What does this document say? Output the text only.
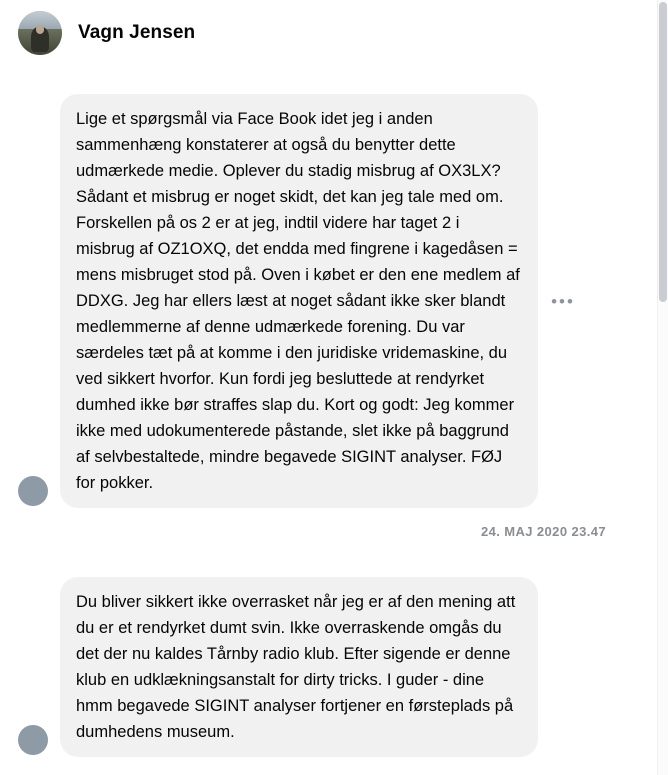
Vagn Jensen
Lige et spørgsmål via Face Book idet jeg i anden sammenhæng konstaterer at også du benytter dette udmærkede medie. Oplever du stadig misbrug af OX3LX? Sådant et misbrug er noget skidt, det kan jeg tale med om. Forskellen på os 2 er at jeg, indtil videre har taget 2 i misbrug af OZ1OXQ, det endda med fingrene i kagedåsen = mens misbruget stod på. Oven i købet er den ene medlem af DDXG. Jeg har ellers læst at noget sådant ikke sker blandt medlemmerne af denne udmærkede forening. Du var særdeles tæt på at komme i den juridiske vridemaskine, du ved sikkert hvorfor. Kun fordi jeg besluttede at rendyrket dumhed ikke bør straffes slap du. Kort og godt: Jeg kommer ikke med udokumenterede påstande, slet ikke på baggrund af selvbestaltede, mindre begavede SIGINT analyser. FØJ for pokker.
•••
24. MAJ 2020 23.47
Du bliver sikkert ikke overrasket når jeg er af den mening att du er et rendyrket dumt svin. Ikke overraskende omgås du det der nu kaldes Tårnby radio klub. Efter sigende er denne klub en udklækningsanstalt for dirty tricks. I guder - dine hmm begavede SIGINT analyser fortjener en førsteplads på dumhedens museum.
